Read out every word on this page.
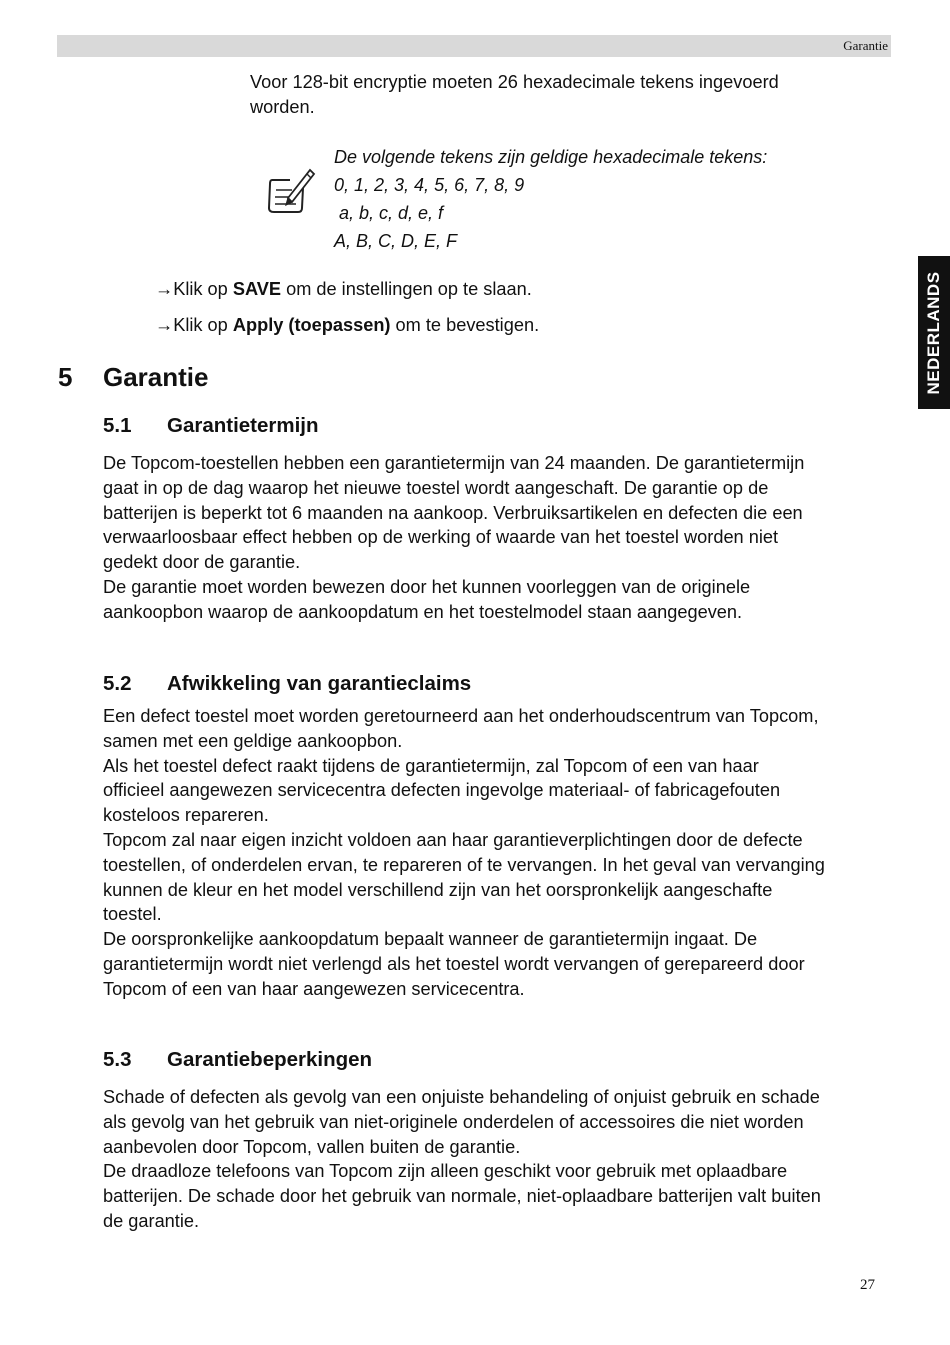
Garantie
NEDERLANDS
Voor 128-bit encryptie moeten 26 hexadecimale tekens ingevoerd
worden.
De volgende tekens zijn geldige hexadecimale tekens:
0, 1, 2, 3, 4, 5, 6, 7, 8, 9
a, b, c, d, e, f
A, B, C, D, E, F
→Klik op SAVE om de instellingen op te slaan.
→Klik op Apply (toepassen) om te bevestigen.
5 Garantie
5.1 Garantietermijn
De Topcom-toestellen hebben een garantietermijn van 24 maanden. De garantietermijn
gaat in op de dag waarop het nieuwe toestel wordt aangeschaft. De garantie op de
batterijen is beperkt tot 6 maanden na aankoop. Verbruiksartikelen en defecten die een
verwaarloosbaar effect hebben op de werking of waarde van het toestel worden niet
gedekt door de garantie.
De garantie moet worden bewezen door het kunnen voorleggen van de originele
aankoopbon waarop de aankoopdatum en het toestelmodel staan aangegeven.
5.2 Afwikkeling van garantieclaims
Een defect toestel moet worden geretourneerd aan het onderhoudscentrum van Topcom,
samen met een geldige aankoopbon.
Als het toestel defect raakt tijdens de garantietermijn, zal Topcom of een van haar
officieel aangewezen servicecentra defecten ingevolge materiaal- of fabricagefouten
kosteloos repareren.
Topcom zal naar eigen inzicht voldoen aan haar garantieverplichtingen door de defecte
toestellen, of onderdelen ervan, te repareren of te vervangen. In het geval van vervanging
kunnen de kleur en het model verschillend zijn van het oorspronkelijk aangeschafte
toestel.
De oorspronkelijke aankoopdatum bepaalt wanneer de garantietermijn ingaat. De
garantietermijn wordt niet verlengd als het toestel wordt vervangen of gerepareerd door
Topcom of een van haar aangewezen servicecentra.
5.3 Garantiebeperkingen
Schade of defecten als gevolg van een onjuiste behandeling of onjuist gebruik en schade
als gevolg van het gebruik van niet-originele onderdelen of accessoires die niet worden
aanbevolen door Topcom, vallen buiten de garantie.
De draadloze telefoons van Topcom zijn alleen geschikt voor gebruik met oplaadbare
batterijen. De schade door het gebruik van normale, niet-oplaadbare batterijen valt buiten
de garantie.
27
